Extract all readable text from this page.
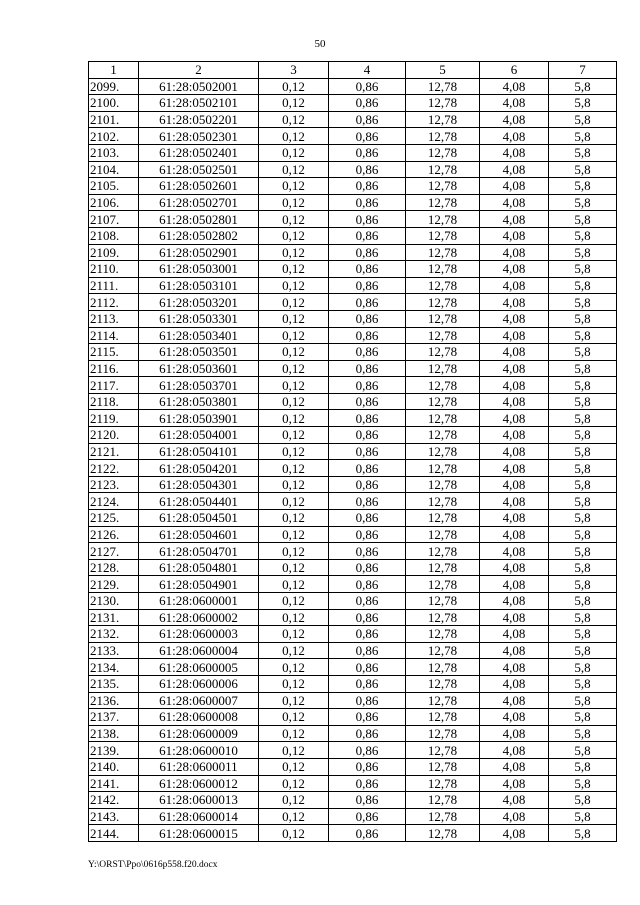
50
1	2	3	4	5	6	7
2099.	61:28:0502001	0,12	0,86	12,78	4,08	5,8
2100.	61:28:0502101	0,12	0,86	12,78	4,08	5,8
2101.	61:28:0502201	0,12	0,86	12,78	4,08	5,8
2102.	61:28:0502301	0,12	0,86	12,78	4,08	5,8
2103.	61:28:0502401	0,12	0,86	12,78	4,08	5,8
2104.	61:28:0502501	0,12	0,86	12,78	4,08	5,8
2105.	61:28:0502601	0,12	0,86	12,78	4,08	5,8
2106.	61:28:0502701	0,12	0,86	12,78	4,08	5,8
2107.	61:28:0502801	0,12	0,86	12,78	4,08	5,8
2108.	61:28:0502802	0,12	0,86	12,78	4,08	5,8
2109.	61:28:0502901	0,12	0,86	12,78	4,08	5,8
2110.	61:28:0503001	0,12	0,86	12,78	4,08	5,8
2111.	61:28:0503101	0,12	0,86	12,78	4,08	5,8
2112.	61:28:0503201	0,12	0,86	12,78	4,08	5,8
2113.	61:28:0503301	0,12	0,86	12,78	4,08	5,8
2114.	61:28:0503401	0,12	0,86	12,78	4,08	5,8
2115.	61:28:0503501	0,12	0,86	12,78	4,08	5,8
2116.	61:28:0503601	0,12	0,86	12,78	4,08	5,8
2117.	61:28:0503701	0,12	0,86	12,78	4,08	5,8
2118.	61:28:0503801	0,12	0,86	12,78	4,08	5,8
2119.	61:28:0503901	0,12	0,86	12,78	4,08	5,8
2120.	61:28:0504001	0,12	0,86	12,78	4,08	5,8
2121.	61:28:0504101	0,12	0,86	12,78	4,08	5,8
2122.	61:28:0504201	0,12	0,86	12,78	4,08	5,8
2123.	61:28:0504301	0,12	0,86	12,78	4,08	5,8
2124.	61:28:0504401	0,12	0,86	12,78	4,08	5,8
2125.	61:28:0504501	0,12	0,86	12,78	4,08	5,8
2126.	61:28:0504601	0,12	0,86	12,78	4,08	5,8
2127.	61:28:0504701	0,12	0,86	12,78	4,08	5,8
2128.	61:28:0504801	0,12	0,86	12,78	4,08	5,8
2129.	61:28:0504901	0,12	0,86	12,78	4,08	5,8
2130.	61:28:0600001	0,12	0,86	12,78	4,08	5,8
2131.	61:28:0600002	0,12	0,86	12,78	4,08	5,8
2132.	61:28:0600003	0,12	0,86	12,78	4,08	5,8
2133.	61:28:0600004	0,12	0,86	12,78	4,08	5,8
2134.	61:28:0600005	0,12	0,86	12,78	4,08	5,8
2135.	61:28:0600006	0,12	0,86	12,78	4,08	5,8
2136.	61:28:0600007	0,12	0,86	12,78	4,08	5,8
2137.	61:28:0600008	0,12	0,86	12,78	4,08	5,8
2138.	61:28:0600009	0,12	0,86	12,78	4,08	5,8
2139.	61:28:0600010	0,12	0,86	12,78	4,08	5,8
2140.	61:28:0600011	0,12	0,86	12,78	4,08	5,8
2141.	61:28:0600012	0,12	0,86	12,78	4,08	5,8
2142.	61:28:0600013	0,12	0,86	12,78	4,08	5,8
2143.	61:28:0600014	0,12	0,86	12,78	4,08	5,8
2144.	61:28:0600015	0,12	0,86	12,78	4,08	5,8
Y:\ORST\Ppo\0616p558.f20.docx
